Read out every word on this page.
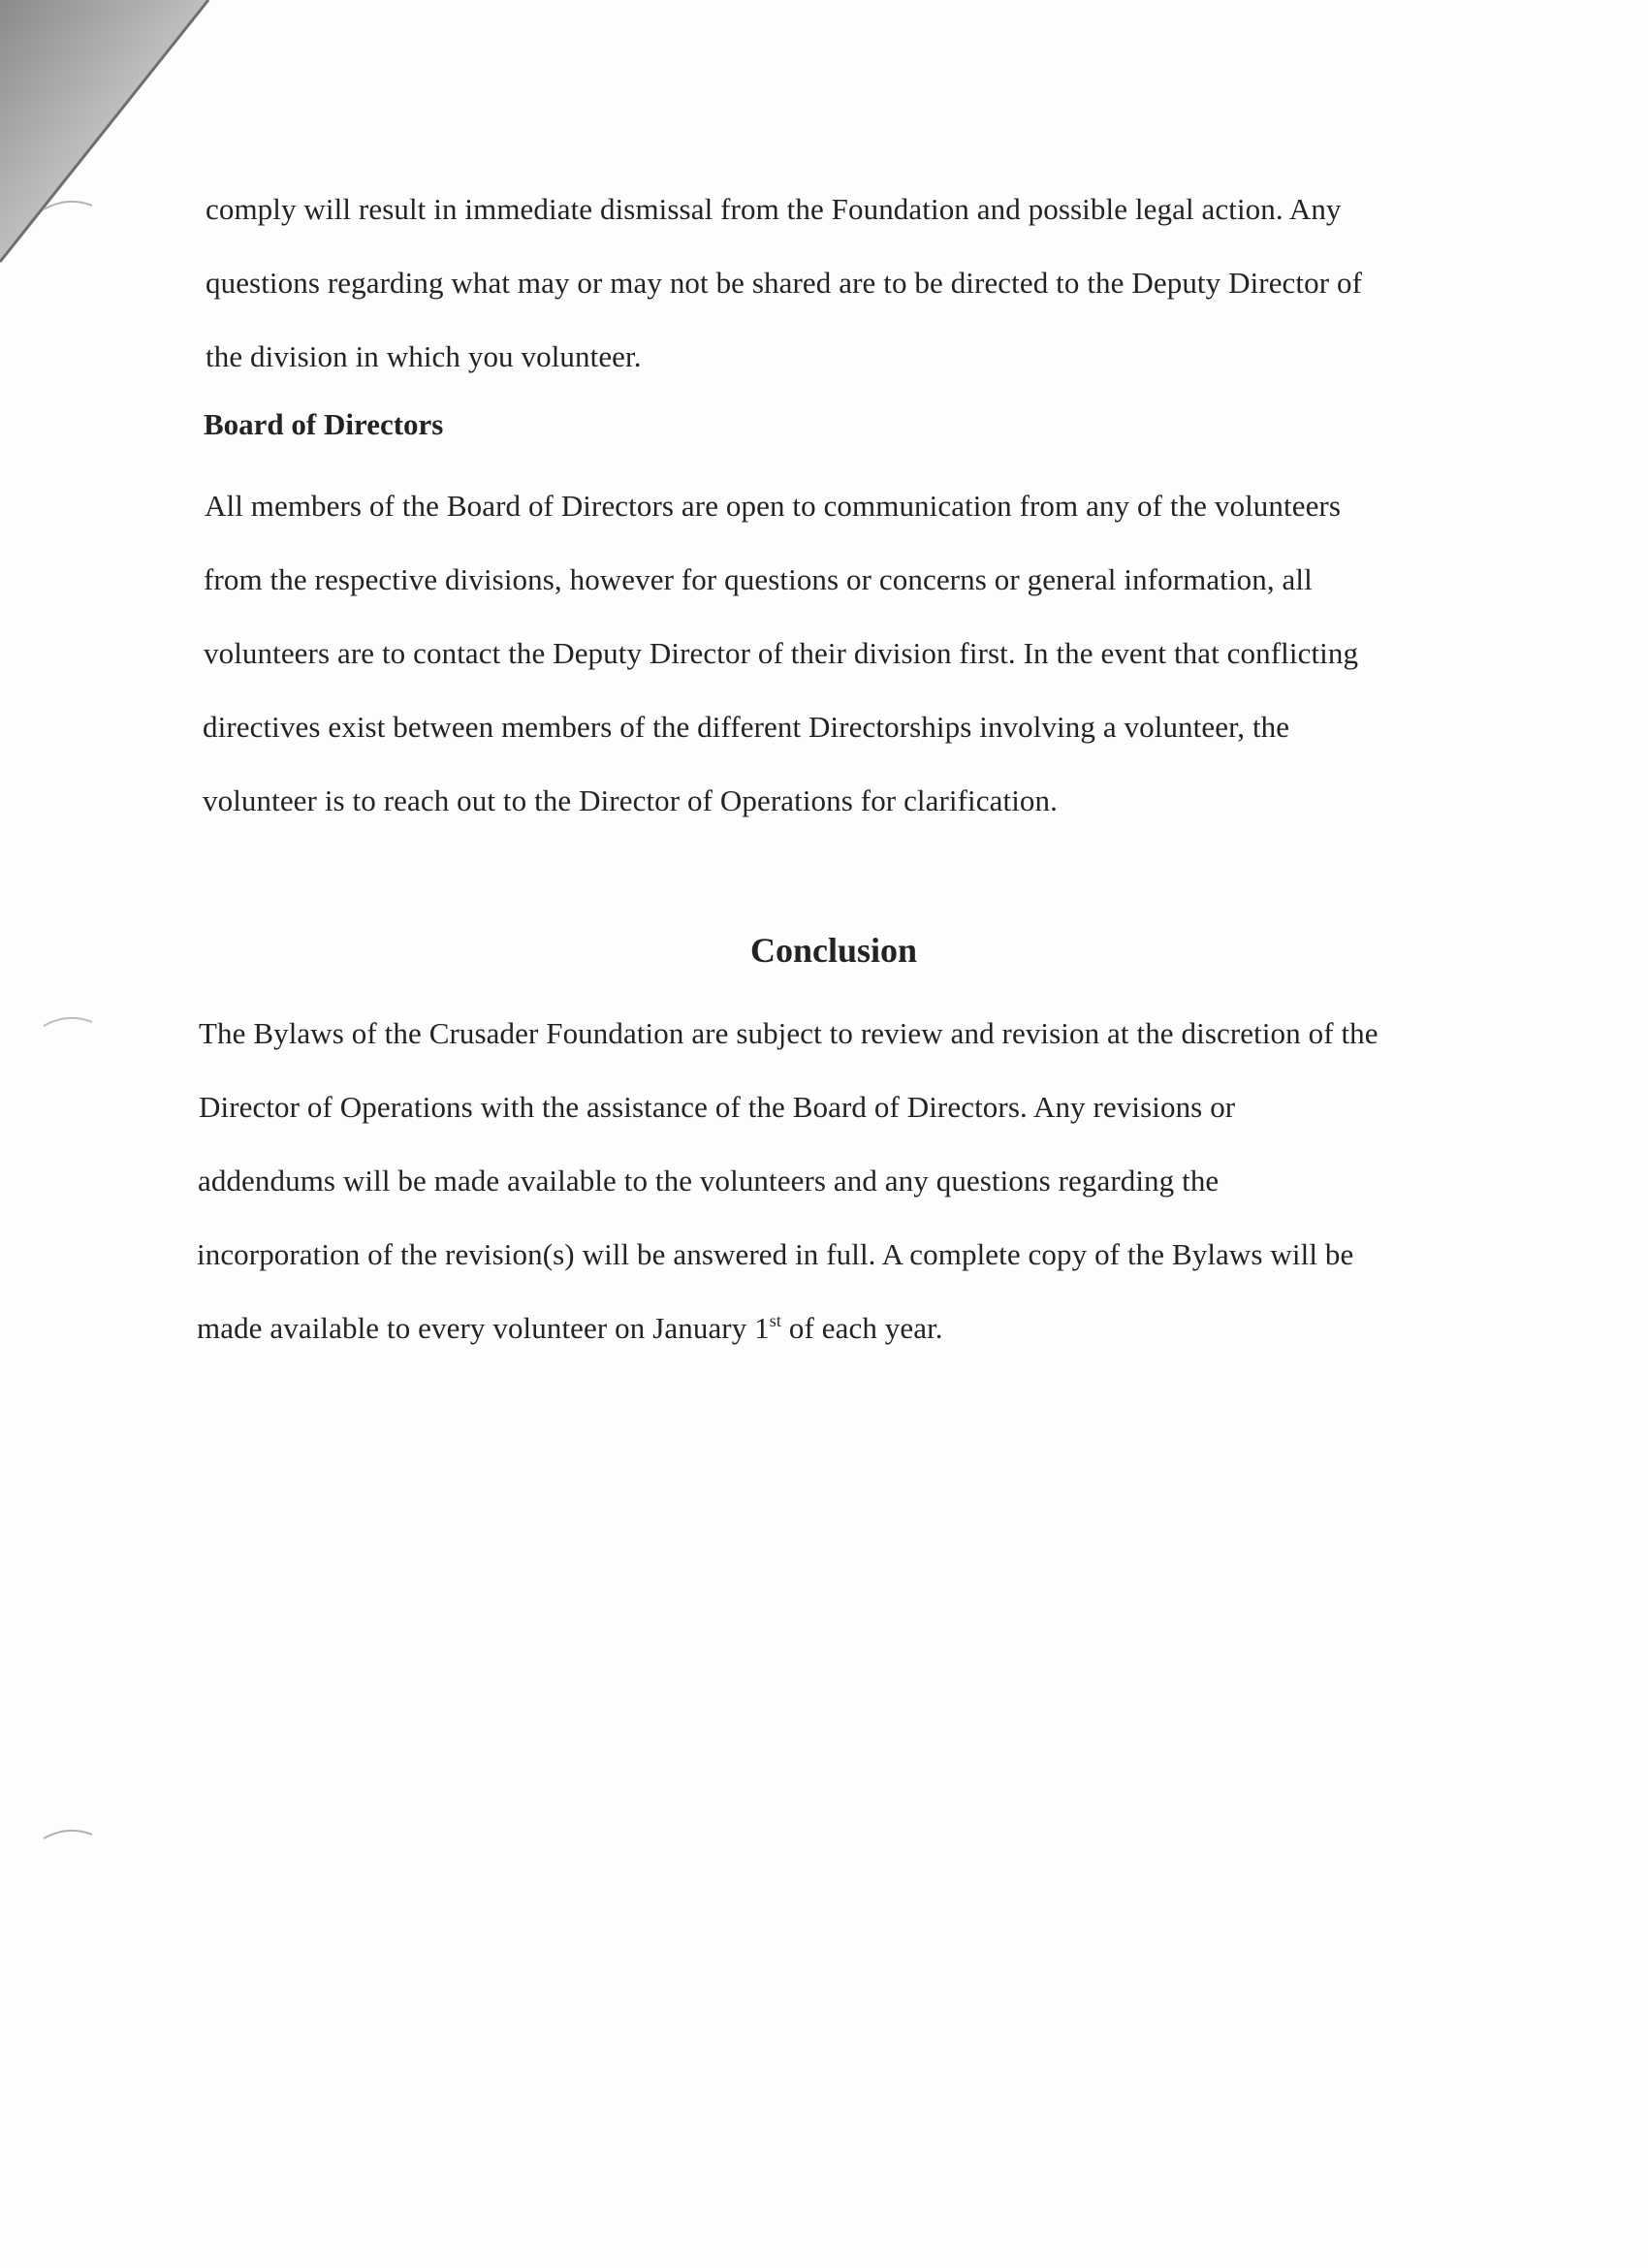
comply will result in immediate dismissal from the Foundation and possible legal action. Any
questions regarding what may or may not be shared are to be directed to the Deputy Director of
the division in which you volunteer.
Board of Directors
All members of the Board of Directors are open to communication from any of the volunteers
from the respective divisions, however for questions or concerns or general information, all
volunteers are to contact the Deputy Director of their division first. In the event that conflicting
directives exist between members of the different Directorships involving a volunteer, the
volunteer is to reach out to the Director of Operations for clarification.
Conclusion
The Bylaws of the Crusader Foundation are subject to review and revision at the discretion of the
Director of Operations with the assistance of the Board of Directors. Any revisions or
addendums will be made available to the volunteers and any questions regarding the
incorporation of the revision(s) will be answered in full. A complete copy of the Bylaws will be
made available to every volunteer on January 1st of each year.
